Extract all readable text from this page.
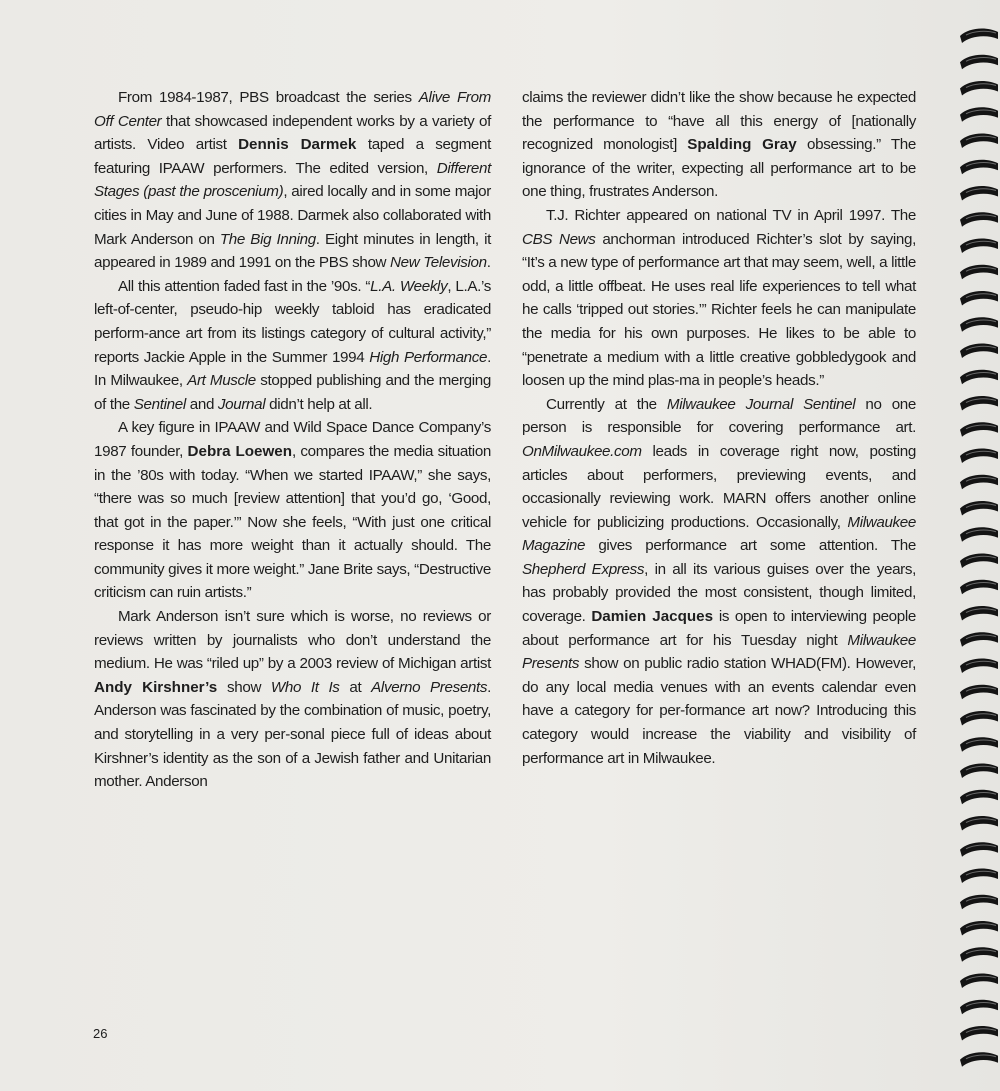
From 1984-1987, PBS broadcast the series Alive From Off Center that showcased independent works by a variety of artists. Video artist Dennis Darmek taped a segment featuring IPAAW performers. The edited version, Different Stages (past the proscenium), aired locally and in some major cities in May and June of 1988. Darmek also collaborated with Mark Anderson on The Big Inning. Eight minutes in length, it appeared in 1989 and 1991 on the PBS show New Television.

All this attention faded fast in the ’90s. “L.A. Weekly, L.A.’s left-of-center, pseudo-hip weekly tabloid has eradicated perform-ance art from its listings category of cultural activity,” reports Jackie Apple in the Summer 1994 High Performance. In Milwaukee, Art Muscle stopped publishing and the merging of the Sentinel and Journal didn’t help at all.

A key figure in IPAAW and Wild Space Dance Company’s 1987 founder, Debra Loewen, compares the media situation in the ’80s with today. “When we started IPAAW,” she says, “there was so much [review attention] that you’d go, ‘Good, that got in the paper.’” Now she feels, “With just one critical response it has more weight than it actually should. The community gives it more weight.” Jane Brite says, “Destructive criticism can ruin artists.”

Mark Anderson isn’t sure which is worse, no reviews or reviews written by journalists who don’t understand the medium. He was “riled up” by a 2003 review of Michigan artist Andy Kirshner’s show Who It Is at Alverno Presents. Anderson was fascinated by the combination of music, poetry, and storytelling in a very per-sonal piece full of ideas about Kirshner’s identity as the son of a Jewish father and Unitarian mother. Anderson

claims the reviewer didn’t like the show because he expected the performance to “have all this energy of [nationally recognized monologist] Spalding Gray obsessing.” The ignorance of the writer, expecting all performance art to be one thing, frustrates Anderson.

T.J. Richter appeared on national TV in April 1997. The CBS News anchorman introduced Richter’s slot by saying, “It’s a new type of performance art that may seem, well, a little odd, a little offbeat. He uses real life experiences to tell what he calls ‘tripped out stories.’” Richter feels he can manipulate the media for his own purposes. He likes to be able to “penetrate a medium with a little creative gobbledygook and loosen up the mind plas-ma in people’s heads.”

Currently at the Milwaukee Journal Sentinel no one person is responsible for covering performance art. OnMilwaukee.com leads in coverage right now, posting articles about performers, previewing events, and occasionally reviewing work. MARN offers another online vehicle for publicizing productions. Occasionally, Milwaukee Magazine gives performance art some attention. The Shepherd Express, in all its various guises over the years, has probably provided the most consistent, though limited, coverage. Damien Jacques is open to interviewing people about performance art for his Tuesday night Milwaukee Presents show on public radio station WHAD(FM). However, do any local media venues with an events calendar even have a category for per-formance art now? Introducing this category would increase the viability and visibility of performance art in Milwaukee.

26
